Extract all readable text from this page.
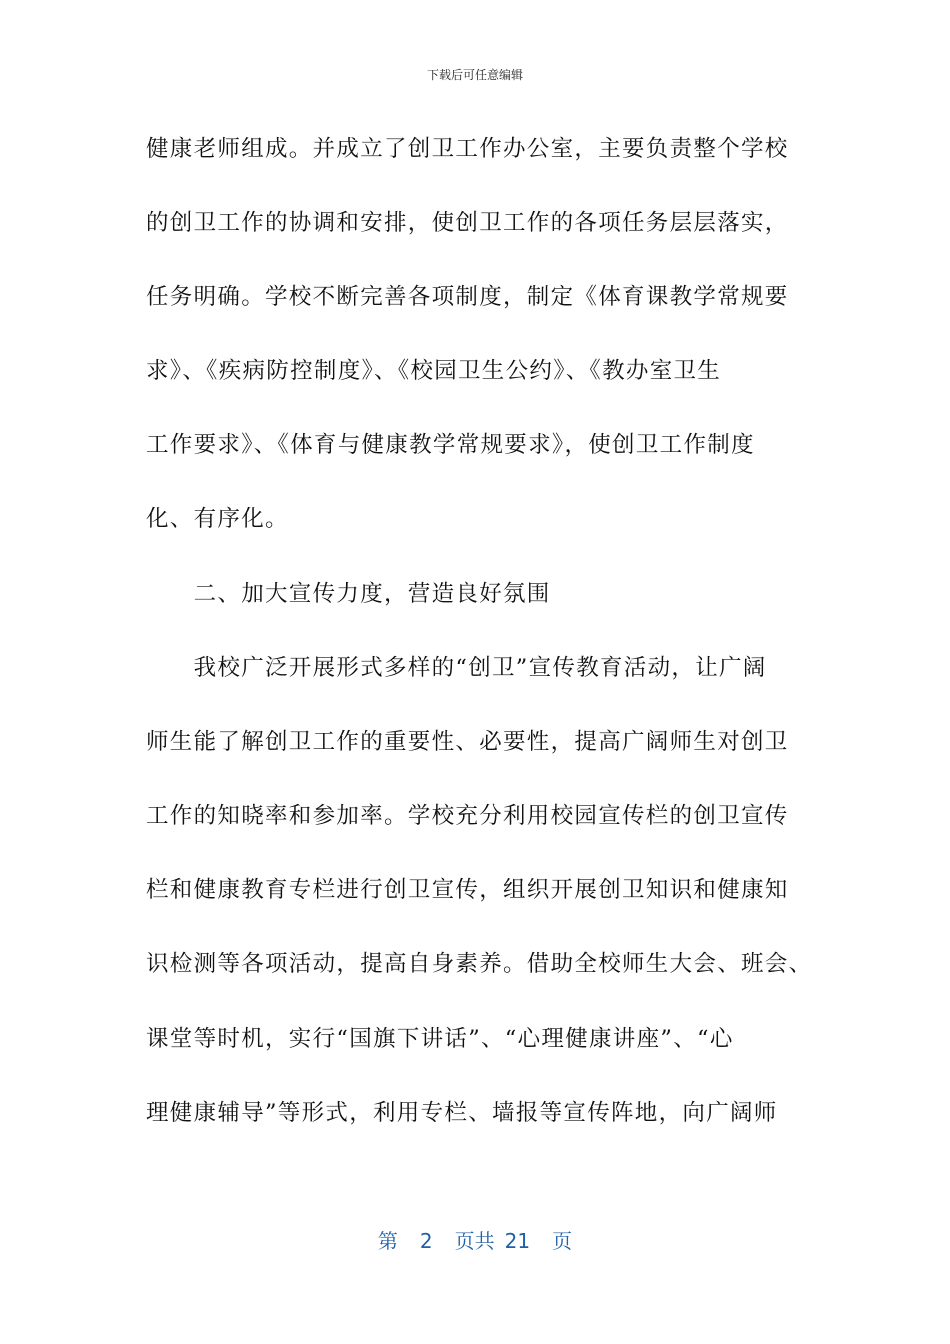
下载后可任意编辑

健康老师组成。并成立了创卫工作办公室，主要负责整个学校

的创卫工作的协调和安排，使创卫工作的各项任务层层落实，

任务明确。学校不断完善各项制度，制定《体育课教学常规要

求》、《疾病防控制度》、《校园卫生公约》、《教办室卫生

工作要求》、《体育与健康教学常规要求》，使创卫工作制度

化、有序化。

　　二、加大宣传力度，营造良好氛围

　　我校广泛开展形式多样的“创卫”宣传教育活动，让广阔

师生能了解创卫工作的重要性、必要性，提高广阔师生对创卫

工作的知晓率和参加率。学校充分利用校园宣传栏的创卫宣传

栏和健康教育专栏进行创卫宣传，组织开展创卫知识和健康知

识检测等各项活动，提高自身素养。借助全校师生大会、班会、

课堂等时机，实行“国旗下讲话”、“心理健康讲座”、“心

理健康辅导”等形式，利用专栏、墙报等宣传阵地，向广阔师

第 2 页共 21 页
